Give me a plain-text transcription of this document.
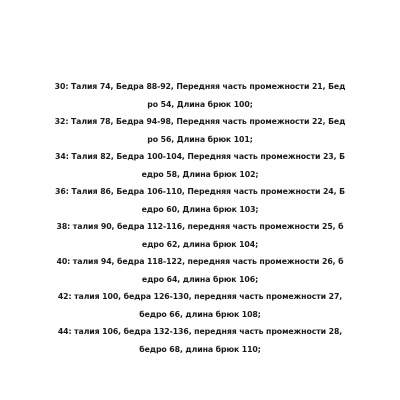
30: Талия 74, Бедра 88-92, Передняя часть промежности 21, Бед
ро 54, Длина брюк 100;
32: Талия 78, Бедра 94-98, Передняя часть промежности 22, Бед
ро 56, Длина брюк 101;
34: Талия 82, Бедра 100-104, Передняя часть промежности 23, Б
едро 58, Длина брюк 102;
36: Талия 86, Бедра 106-110, Передняя часть промежности 24, Б
едро 60, Длина брюк 103;
38: талия 90, бедра 112-116, передняя часть промежности 25, б
едро 62, длина брюк 104;
40: талия 94, бедра 118-122, передняя часть промежности 26, б
едро 64, длина брюк 106;
42: талия 100, бедра 126-130, передняя часть промежности 27,
бедро 66, длина брюк 108;
44: талия 106, бедра 132-136, передняя часть промежности 28,
бедро 68, длина брюк 110;
